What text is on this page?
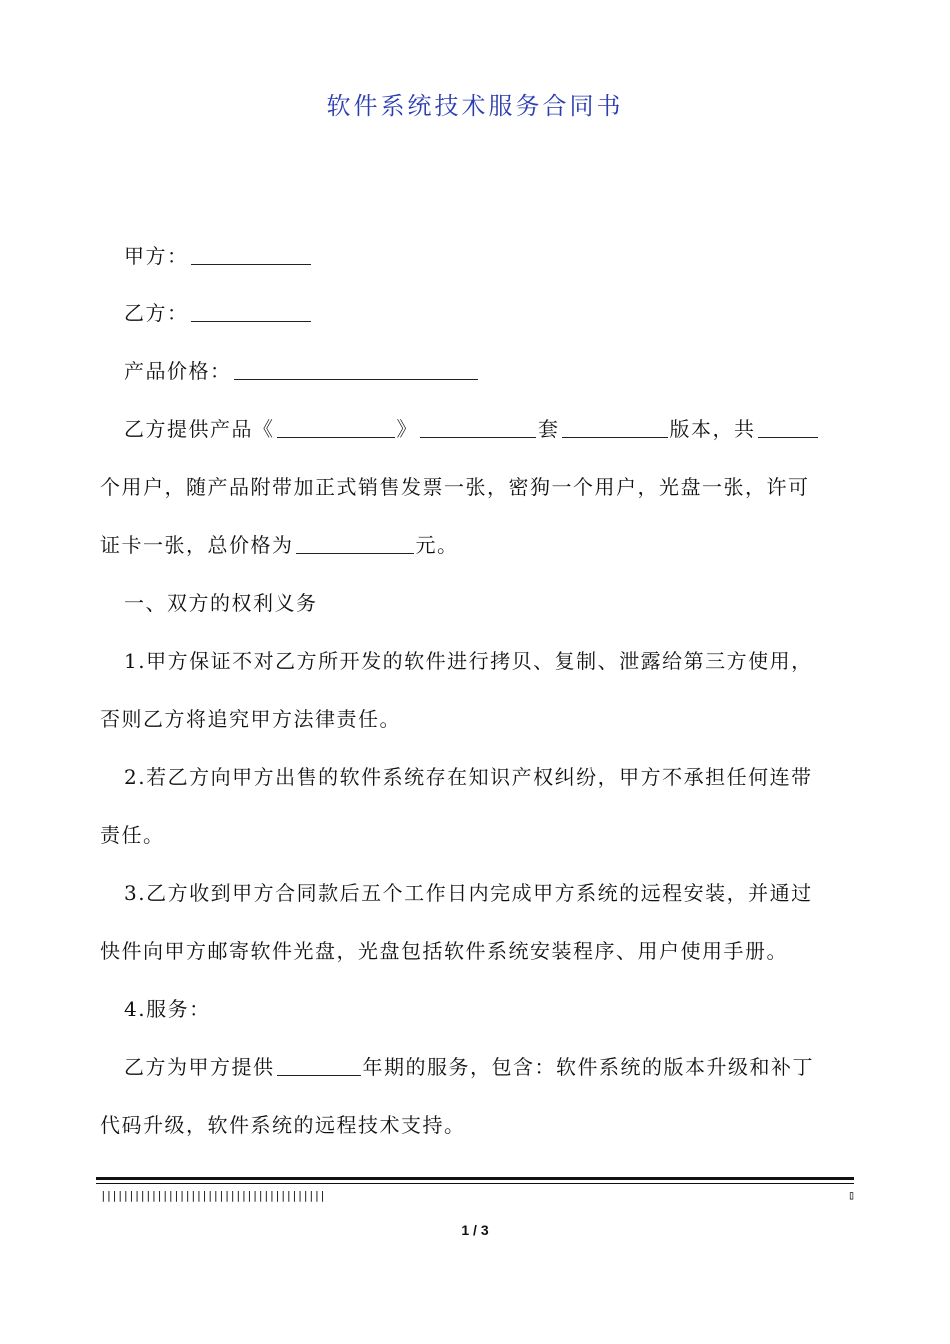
软件系统技术服务合同书
甲方：
乙方：
产品价格：
乙方提供产品《	》	套	版本，共
个用户，随产品附带加正式销售发票一张，密狗一个用户，光盘一张，许可
证卡一张，总价格为	元。
一、双方的权利义务
1.甲方保证不对乙方所开发的软件进行拷贝、复制、泄露给第三方使用，
否则乙方将追究甲方法律责任。
2.若乙方向甲方出售的软件系统存在知识产权纠纷，甲方不承担任何连带
责任。
3.乙方收到甲方合同款后五个工作日内完成甲方系统的远程安装，并通过
快件向甲方邮寄软件光盘，光盘包括软件系统安装程序、用户使用手册。
4.服务：
乙方为甲方提供	年期的服务，包含：软件系统的版本升级和补丁
代码升级，软件系统的远程技术支持。
||||||||||||||||||||||||||||||||||||||||	▯
1 / 3
